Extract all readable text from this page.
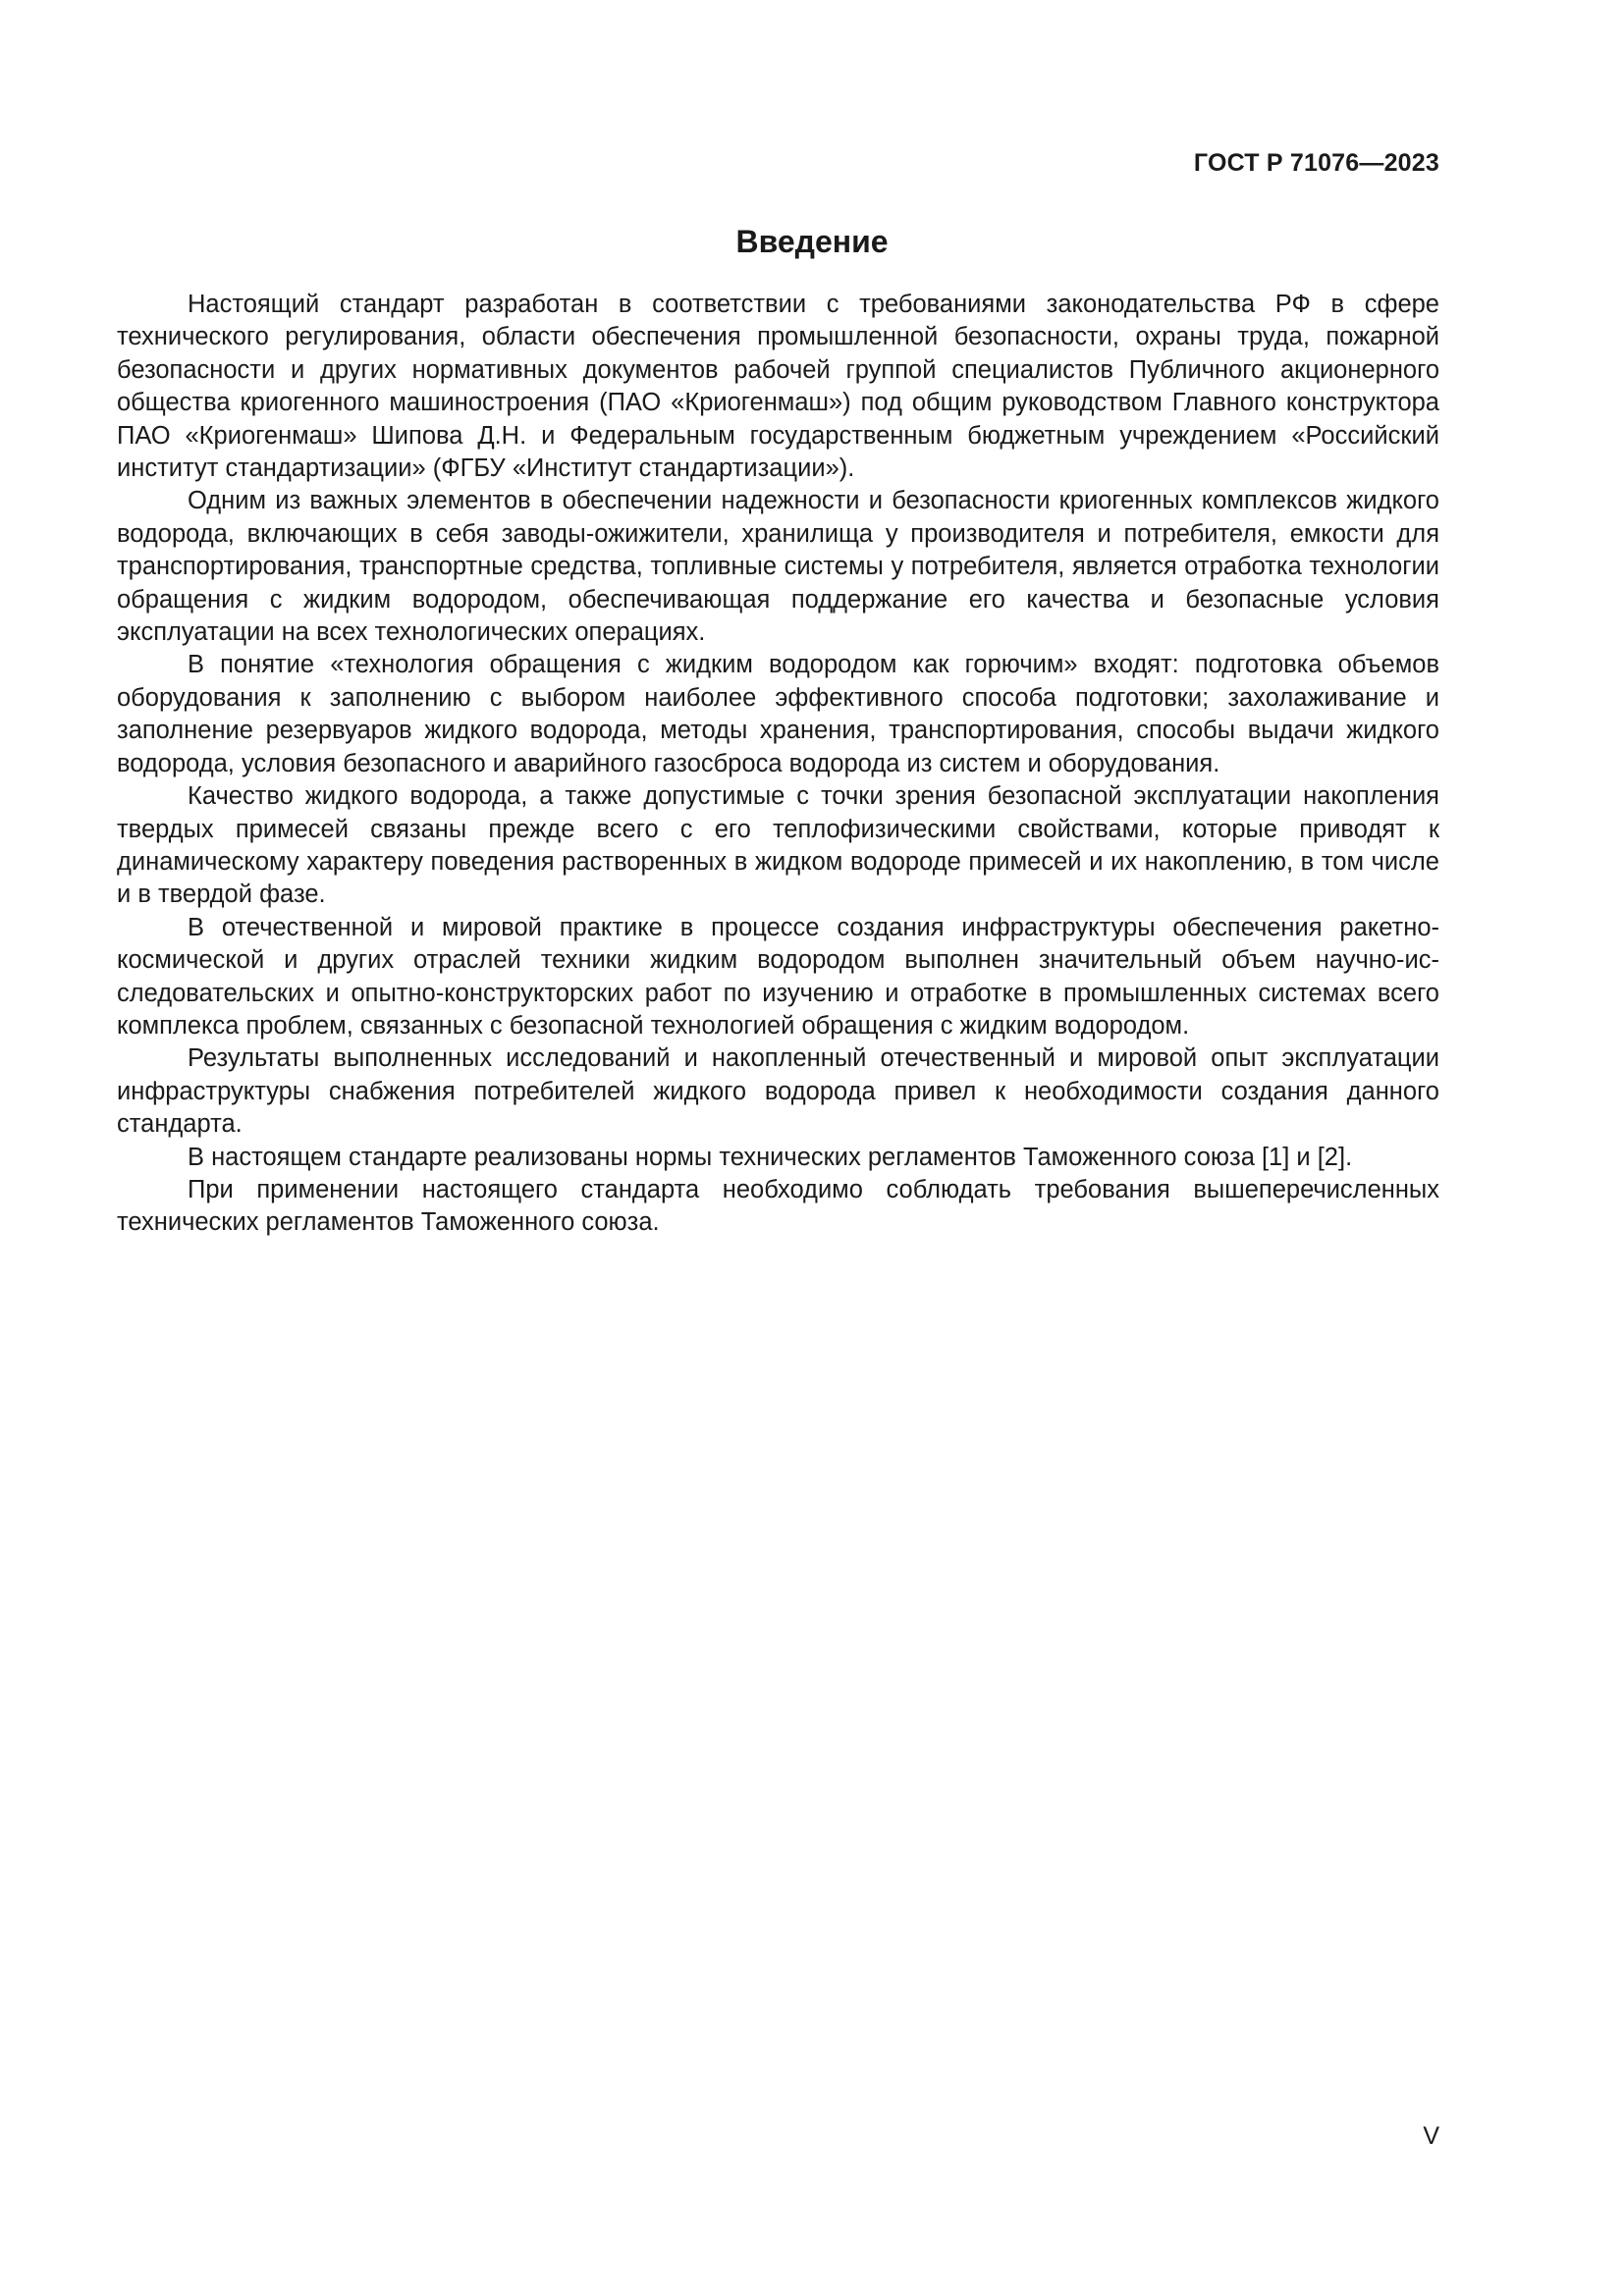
ГОСТ Р 71076—2023
Введение

Настоящий стандарт разработан в соответствии с требованиями законодательства РФ в сфере технического регулирования, области обеспечения промышленной безопасности, охраны труда, пожарной безопасности и других нормативных документов рабочей группой специалистов Публичного акционерного общества криогенного машиностроения (ПАО «Криогенмаш») под общим руководством Главного конструктора ПАО «Криогенмаш» Шипова Д.Н. и Федеральным государственным бюджетным учреждением «Российский институт стандартизации» (ФГБУ «Институт стандартизации»).

Одним из важных элементов в обеспечении надежности и безопасности криогенных комплексов жидкого водорода, включающих в себя заводы-ожижители, хранилища у производителя и потребителя, емкости для транспортирования, транспортные средства, топливные системы у потребителя, является отработка технологии обращения с жидким водородом, обеспечивающая поддержание его качества и безопасные условия эксплуатации на всех технологических операциях.

В понятие «технология обращения с жидким водородом как горючим» входят: подготовка объемов оборудования к заполнению с выбором наиболее эффективного способа подготовки; захолаживание и заполнение резервуаров жидкого водорода, методы хранения, транспортирования, способы выдачи жидкого водорода, условия безопасного и аварийного газосброса водорода из систем и оборудования.

Качество жидкого водорода, а также допустимые с точки зрения безопасной эксплуатации накопления твердых примесей связаны прежде всего с его теплофизическими свойствами, которые приводят к динамическому характеру поведения растворенных в жидком водороде примесей и их накоплению, в том числе и в твердой фазе.

В отечественной и мировой практике в процессе создания инфраструктуры обеспечения ракетно-космической и других отраслей техники жидким водородом выполнен значительный объем научно-исследовательских и опытно-конструкторских работ по изучению и отработке в промышленных системах всего комплекса проблем, связанных с безопасной технологией обращения с жидким водородом.

Результаты выполненных исследований и накопленный отечественный и мировой опыт эксплуатации инфраструктуры снабжения потребителей жидкого водорода привел к необходимости создания данного стандарта.

В настоящем стандарте реализованы нормы технических регламентов Таможенного союза [1] и [2].

При применении настоящего стандарта необходимо соблюдать требования вышеперечисленных технических регламентов Таможенного союза.

V
